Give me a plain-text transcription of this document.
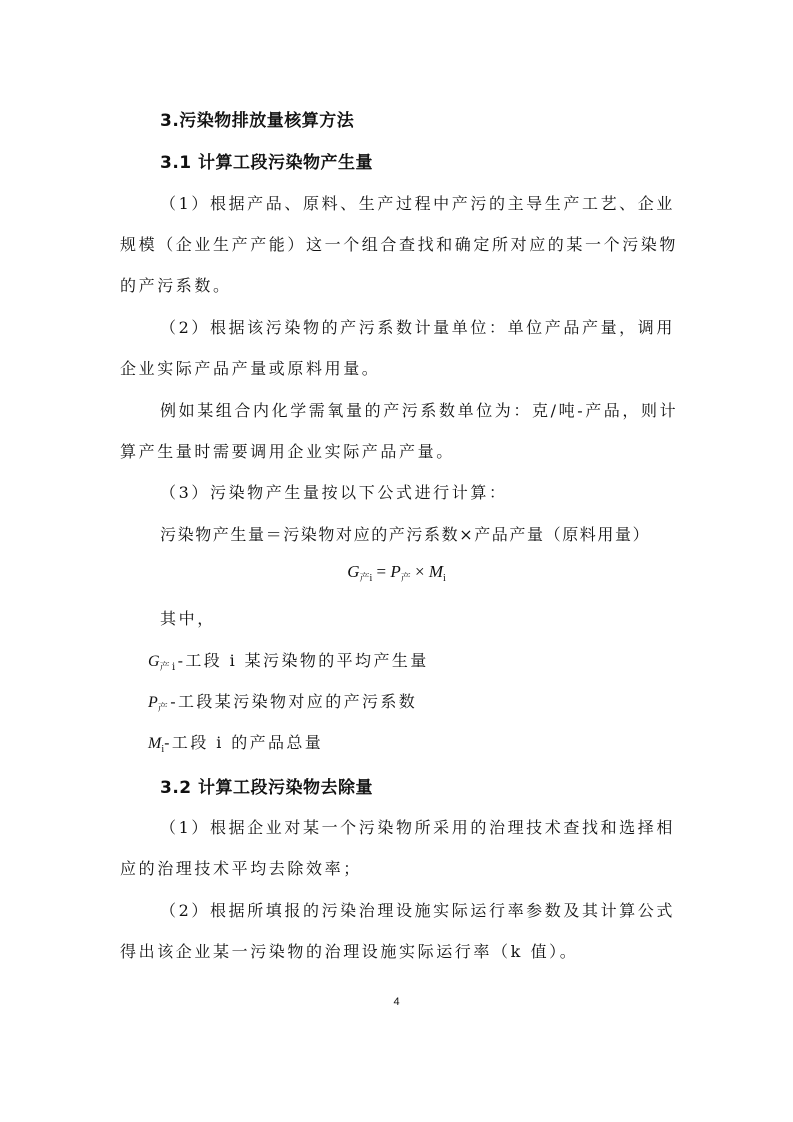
3.污染物排放量核算方法
3.1 计算工段污染物产生量
（1）根据产品、原料、生产过程中产污的主导生产工艺、企业
规模（企业生产产能）这一个组合查找和确定所对应的某一个污染物
的产污系数。
（2）根据该污染物的产污系数计量单位：单位产品产量，调用
企业实际产品产量或原料用量。
例如某组合内化学需氧量的产污系数单位为：克/吨-产品，则计
算产生量时需要调用企业实际产品产量。
（3）污染物产生量按以下公式进行计算：
污染物产生量＝污染物对应的产污系数×产品产量（原料用量）
$G_{产i} = P_产 \times M_i$
其中，
$G_{产i}-$工段 i 某污染物的平均产生量
$P_产-$工段某污染物对应的产污系数
$M_i-$工段 i 的产品总量
3.2 计算工段污染物去除量
（1）根据企业对某一个污染物所采用的治理技术查找和选择相
应的治理技术平均去除效率；
（2）根据所填报的污染治理设施实际运行率参数及其计算公式
得出该企业某一污染物的治理设施实际运行率（k 值）。
4
